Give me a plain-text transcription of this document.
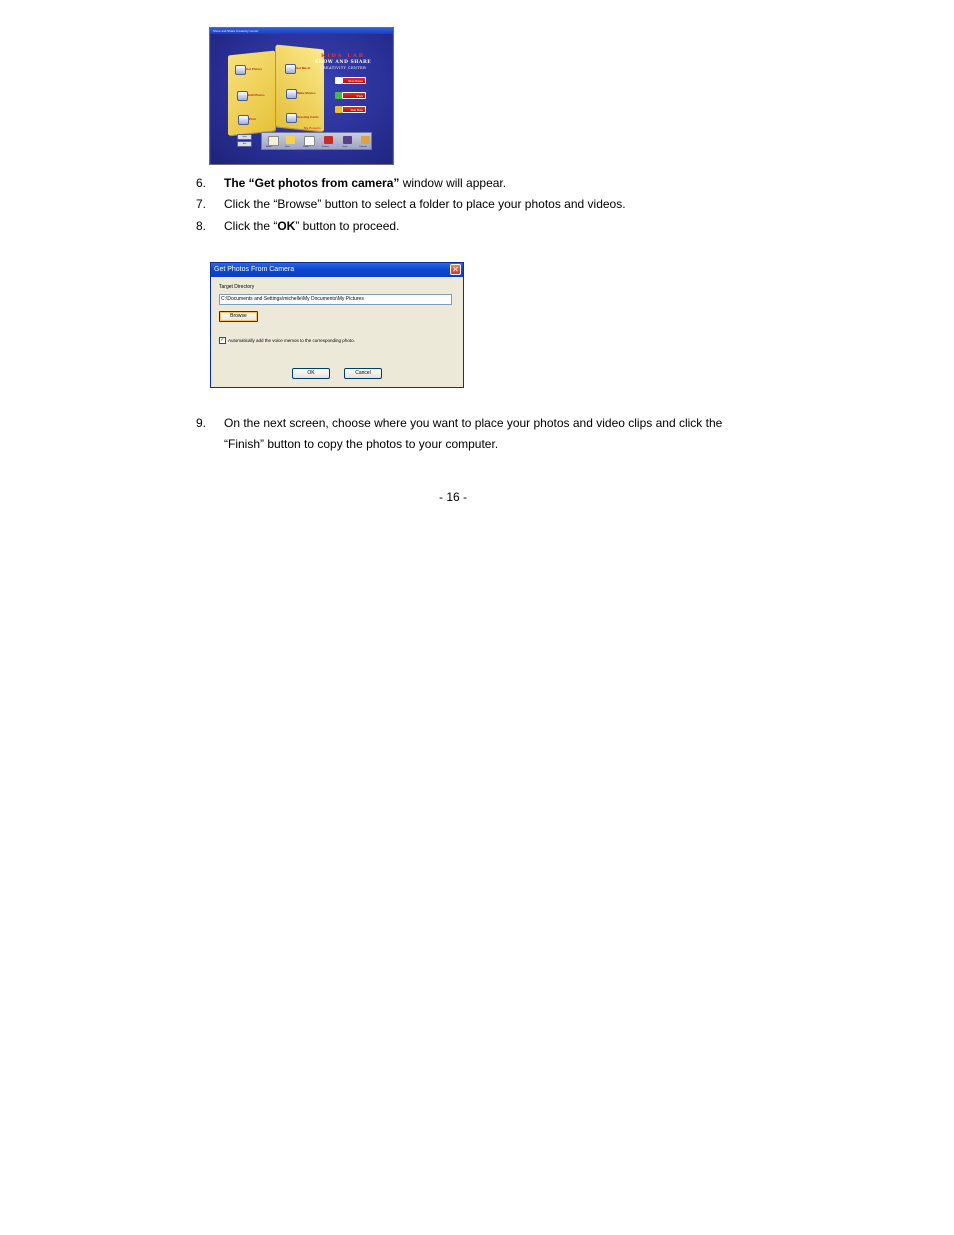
Show and Share Creativity Center
Get Photos	Get Music
Edit Photos	Make Movies
Print	Greeting Cards
KIDS LAB
SHOW AND SHARE
CREATIVITY CENTER
Show Movies
Share
Slide Show
My Projects
Album	Draw	Stamp	Frames	Cards	Calendar
Help
Exit
6. The “Get photos from camera” window will appear.
7. Click the “Browse” button to select a folder to place your photos and videos.
8. Click the “OK” button to proceed.
Get Photos From Camera	✕
Target Directory
C:\Documents and Settings\michelle\My Documents\My Pictures
Browse
✓ Automatically add the voice memos to the corresponding photo.
OK	Cancel
9. On the next screen, choose where you want to place your photos and video clips and click the
“Finish” button to copy the photos to your computer.
- 16 -
